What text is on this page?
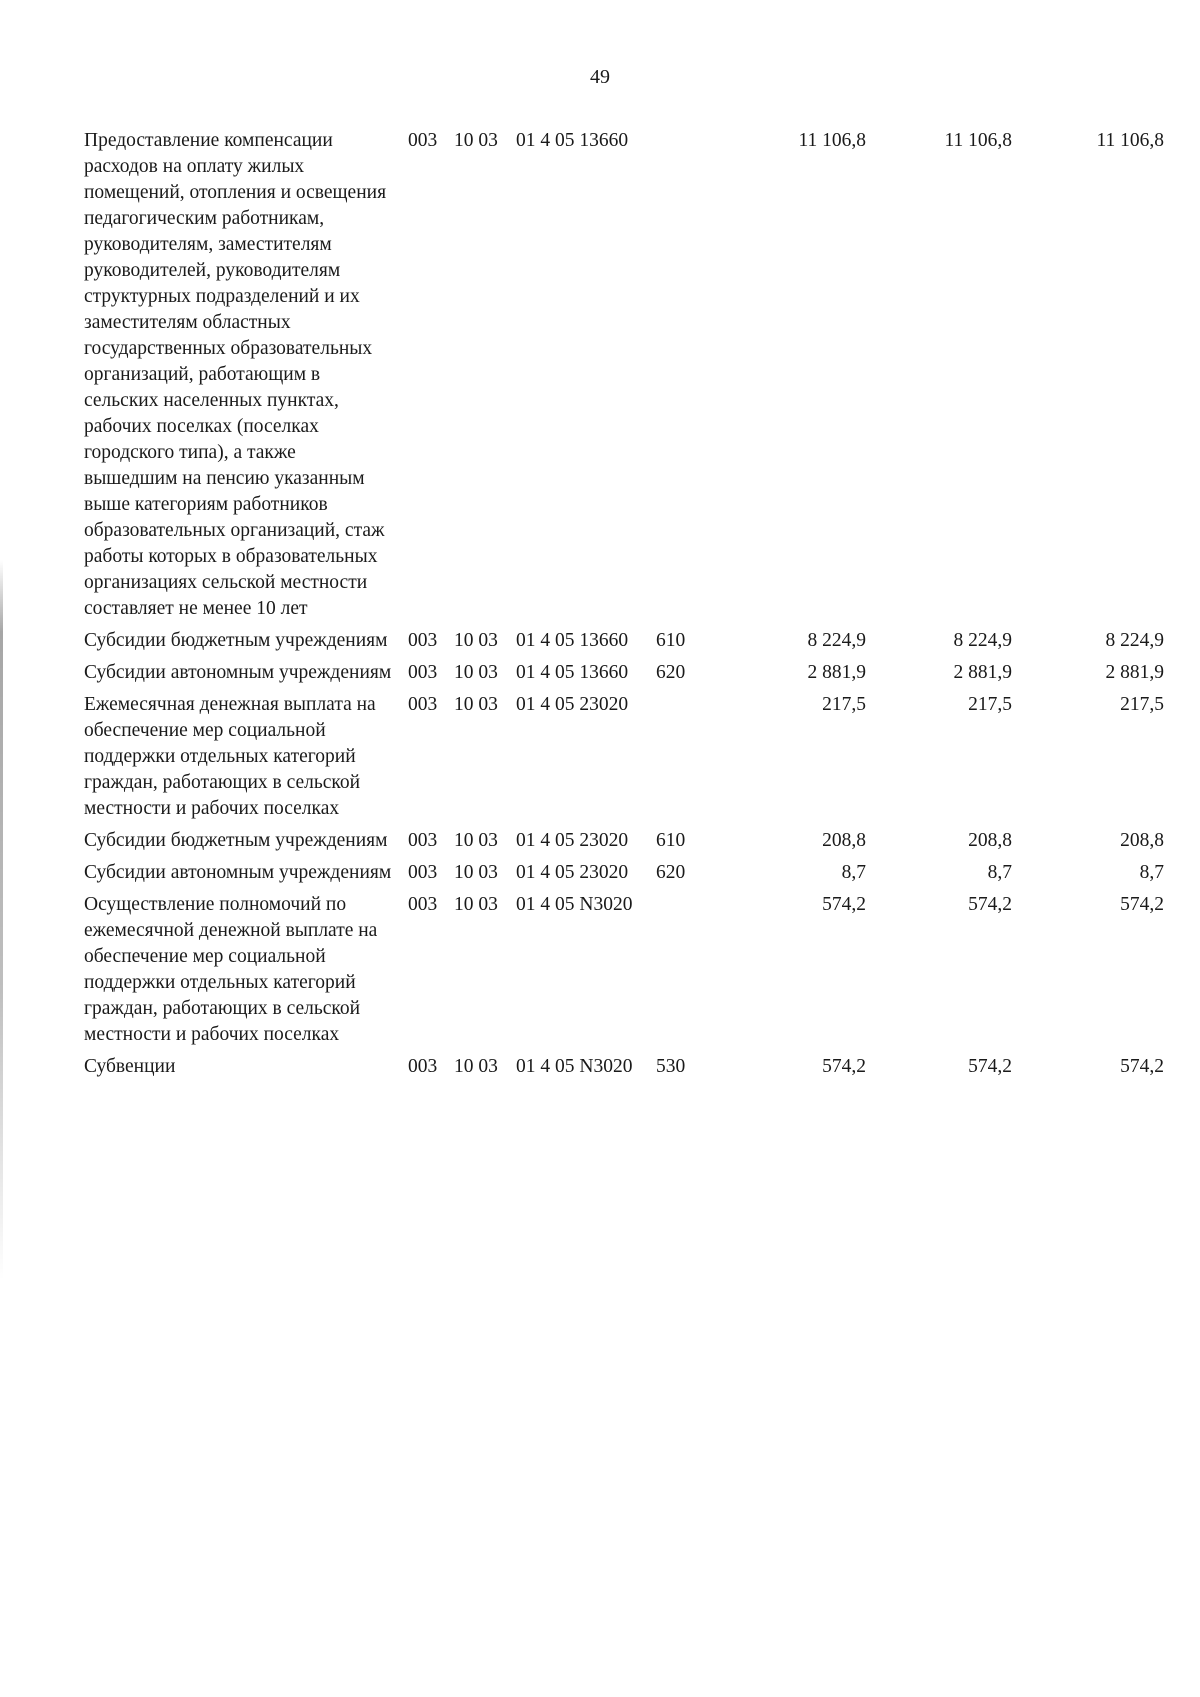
49
Предоставление компенсации расходов на оплату жилых помещений, отопления и освещения педагогическим работникам, руководителям, заместителям руководителей, руководителям структурных подразделений и их заместителям областных государственных образовательных организаций, работающим в сельских населенных пунктах, рабочих поселках (поселках городского типа), а также вышедшим на пенсию указанным выше категориям работников образовательных организаций, стаж работы которых в образовательных организациях сельской местности составляет не менее 10 лет		003	10 03	01 4 05 13660		11 106,8	11 106,8	11 106,8
Субсидии бюджетным учреждениям		003	10 03	01 4 05 13660	610	8 224,9	8 224,9	8 224,9
Субсидии автономным учреждениям		003	10 03	01 4 05 13660	620	2 881,9	2 881,9	2 881,9
Ежемесячная денежная выплата на обеспечение мер социальной поддержки отдельных категорий граждан, работающих в сельской местности и рабочих поселках		003	10 03	01 4 05 23020		217,5	217,5	217,5
Субсидии бюджетным учреждениям		003	10 03	01 4 05 23020	610	208,8	208,8	208,8
Субсидии автономным учреждениям		003	10 03	01 4 05 23020	620	8,7	8,7	8,7
Осуществление полномочий по ежемесячной денежной выплате на обеспечение мер социальной поддержки отдельных категорий граждан, работающих в сельской местности и рабочих поселках		003	10 03	01 4 05 N3020		574,2	574,2	574,2
Субвенции		003	10 03	01 4 05 N3020	530	574,2	574,2	574,2
